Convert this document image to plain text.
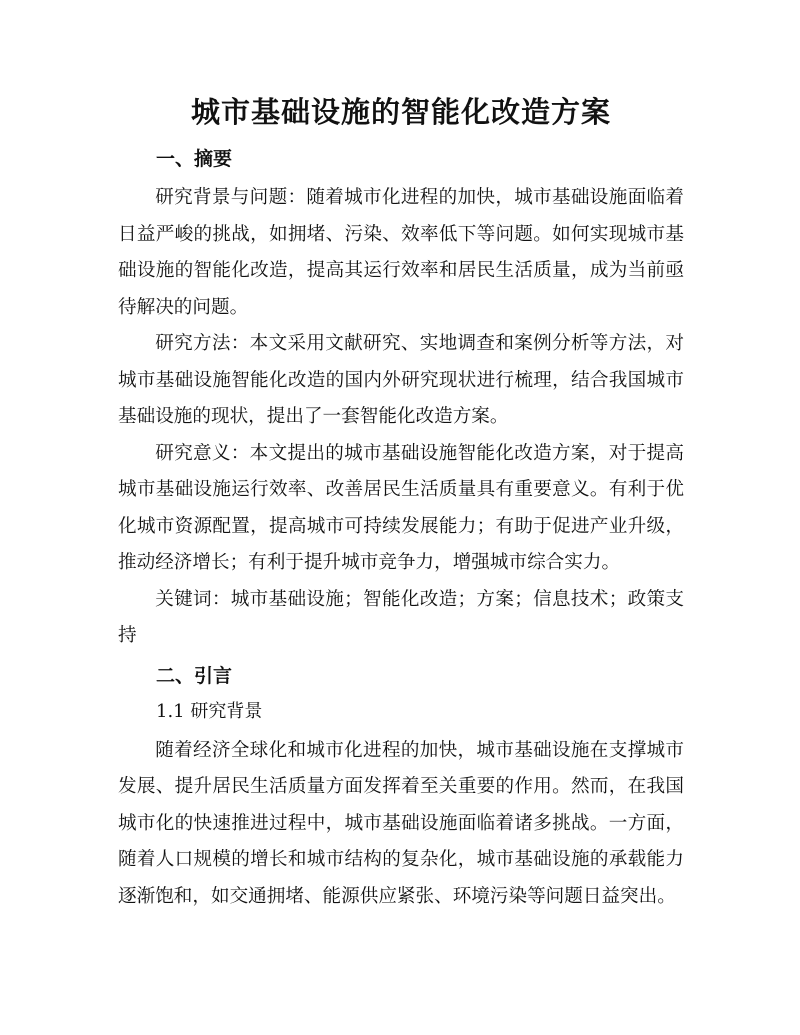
城市基础设施的智能化改造方案
一、摘要

研究背景与问题：随着城市化进程的加快，城市基础设施面临着日益严峻的挑战，如拥堵、污染、效率低下等问题。如何实现城市基础设施的智能化改造，提高其运行效率和居民生活质量，成为当前亟待解决的问题。

研究方法：本文采用文献研究、实地调查和案例分析等方法，对城市基础设施智能化改造的国内外研究现状进行梳理，结合我国城市基础设施的现状，提出了一套智能化改造方案。

研究意义：本文提出的城市基础设施智能化改造方案，对于提高城市基础设施运行效率、改善居民生活质量具有重要意义。有利于优化城市资源配置，提高城市可持续发展能力；有助于促进产业升级，推动经济增长；有利于提升城市竞争力，增强城市综合实力。

关键词：城市基础设施；智能化改造；方案；信息技术；政策支持

二、引言
1.1 研究背景

随着经济全球化和城市化进程的加快，城市基础设施在支撑城市发展、提升居民生活质量方面发挥着至关重要的作用。然而，在我国城市化的快速推进过程中，城市基础设施面临着诸多挑战。一方面，随着人口规模的增长和城市结构的复杂化，城市基础设施的承载能力逐渐饱和，如交通拥堵、能源供应紧张、环境污染等问题日益突出。
